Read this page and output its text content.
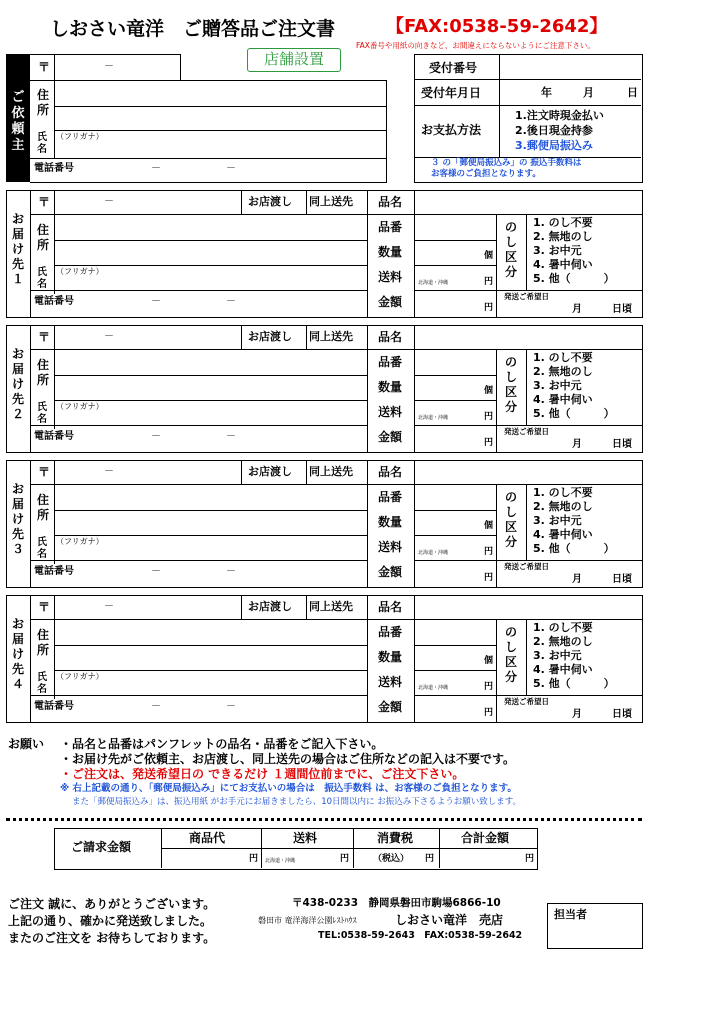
しおさい竜洋　ご贈答品ご注文書	【FAX:0538-59-2642】
FAX番号や用紙の向きなど、お間違えにならないようにご注意下さい。
店舗設置
ご依頼主
〒	－
住所
氏名
（フリガナ）
電話番号	－	－
受付番号
受付年月日	年	月	日
お支払方法
1.注文時現金払い
2.後日現金持参
3.郵便局振込み
３ の「郵便局振込み」の 振込手数料は
お客様のご負担となります。
お届け先１
〒	－	お店渡し 同上送先
住所
氏名
（フリガナ）
電話番号	－	－
品名
品番
数量	個
送料	北海道・沖縄	円
金額	円
のし区分
1. のし不要
2. 無地のし
3. お中元
4. 暑中伺い
5. 他（　　　）
発送ご希望日
月	日頃
お届け先２
〒	－	お店渡し 同上送先
住所
氏名
（フリガナ）
電話番号	－	－
品名
品番
数量	個
送料	北海道・沖縄	円
金額	円
のし区分
1. のし不要
2. 無地のし
3. お中元
4. 暑中伺い
5. 他（　　　）
発送ご希望日
月	日頃
お届け先３
〒	－	お店渡し 同上送先
住所
氏名
（フリガナ）
電話番号	－	－
品名
品番
数量	個
送料	北海道・沖縄	円
金額	円
のし区分
1. のし不要
2. 無地のし
3. お中元
4. 暑中伺い
5. 他（　　　）
発送ご希望日
月	日頃
お届け先４
〒	－	お店渡し 同上送先
住所
氏名
（フリガナ）
電話番号	－	－
品名
品番
数量	個
送料	北海道・沖縄	円
金額	円
のし区分
1. のし不要
2. 無地のし
3. お中元
4. 暑中伺い
5. 他（　　　）
発送ご希望日
月	日頃
お願い ・品名と品番はパンフレットの品名・品番をご記入下さい。
・お届け先がご依頼主、お店渡し、同上送先の場合はご住所などの記入は不要です。
・ご注文は、発送希望日の できるだけ １週間位前までに、ご注文下さい。
※ 右上記載の通り、「郵便局振込み」にてお支払いの場合は　振込手数料 は、お客様のご負担となります。
また「郵便局振込み」は、振込用紙 がお手元にお届きましたら、10日間以内に お振込み下さるようお願い致します。
ご請求金額
商品代	送料	消費税	合計金額
円 北海道・沖縄	円	（税込） 円	円
ご注文 誠に、ありがとうございます。
上記の通り、確かに発送致しました。
またのご注文を お待ちしております。
〒438-0233　静岡県磐田市駒場6866-10
磐田市 竜洋海洋公園ﾚｽﾄﾊｳｽ	しおさい竜洋　売店
TEL:0538-59-2643　FAX:0538-59-2642
担当者
